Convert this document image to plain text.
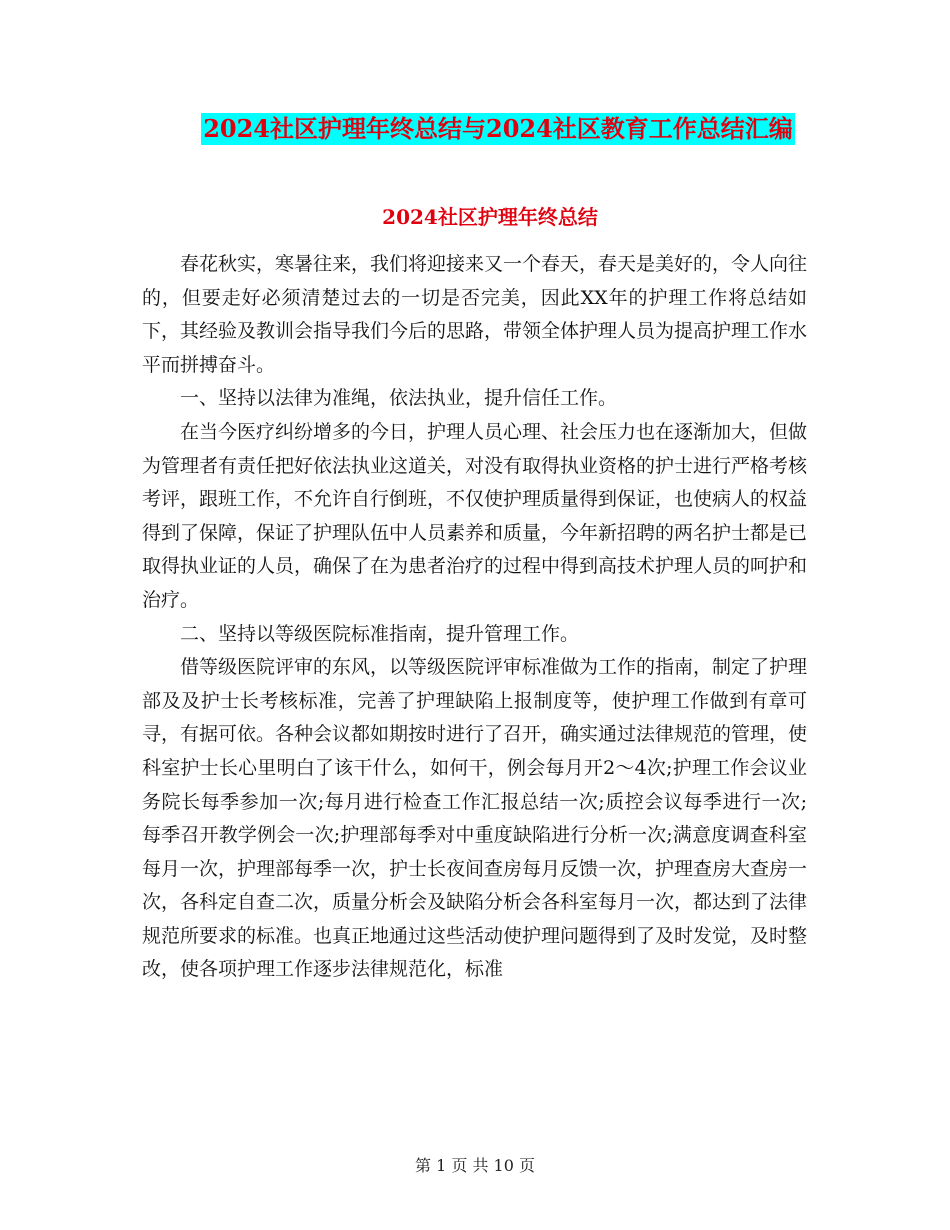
2024社区护理年终总结与2024社区教育工作总结汇编
2024社区护理年终总结

春花秋实，寒暑往来，我们将迎接来又一个春天，春天是美好的，令人向往的，但要走好必须清楚过去的一切是否完美，因此XX年的护理工作将总结如下，其经验及教训会指导我们今后的思路，带领全体护理人员为提高护理工作水平而拼搏奋斗。

一、坚持以法律为准绳，依法执业，提升信任工作。

在当今医疗纠纷增多的今日，护理人员心理、社会压力也在逐渐加大，但做为管理者有责任把好依法执业这道关，对没有取得执业资格的护士进行严格考核考评，跟班工作，不允许自行倒班，不仅使护理质量得到保证，也使病人的权益得到了保障，保证了护理队伍中人员素养和质量，今年新招聘的两名护士都是已取得执业证的人员，确保了在为患者治疗的过程中得到高技术护理人员的呵护和治疗。

二、坚持以等级医院标准指南，提升管理工作。

借等级医院评审的东风，以等级医院评审标准做为工作的指南，制定了护理部及及护士长考核标准，完善了护理缺陷上报制度等，使护理工作做到有章可寻，有据可依。各种会议都如期按时进行了召开，确实通过法律规范的管理，使科室护士长心里明白了该干什么，如何干，例会每月开2～4次;护理工作会议业务院长每季参加一次;每月进行检查工作汇报总结一次;质控会议每季进行一次;每季召开教学例会一次;护理部每季对中重度缺陷进行分析一次;满意度调查科室每月一次，护理部每季一次，护士长夜间查房每月反馈一次，护理查房大查房一次，各科定自查二次，质量分析会及缺陷分析会各科室每月一次，都达到了法律规范所要求的标准。也真正地通过这些活动使护理问题得到了及时发觉，及时整改，使各项护理工作逐步法律规范化，标准

第 1 页 共 10 页
